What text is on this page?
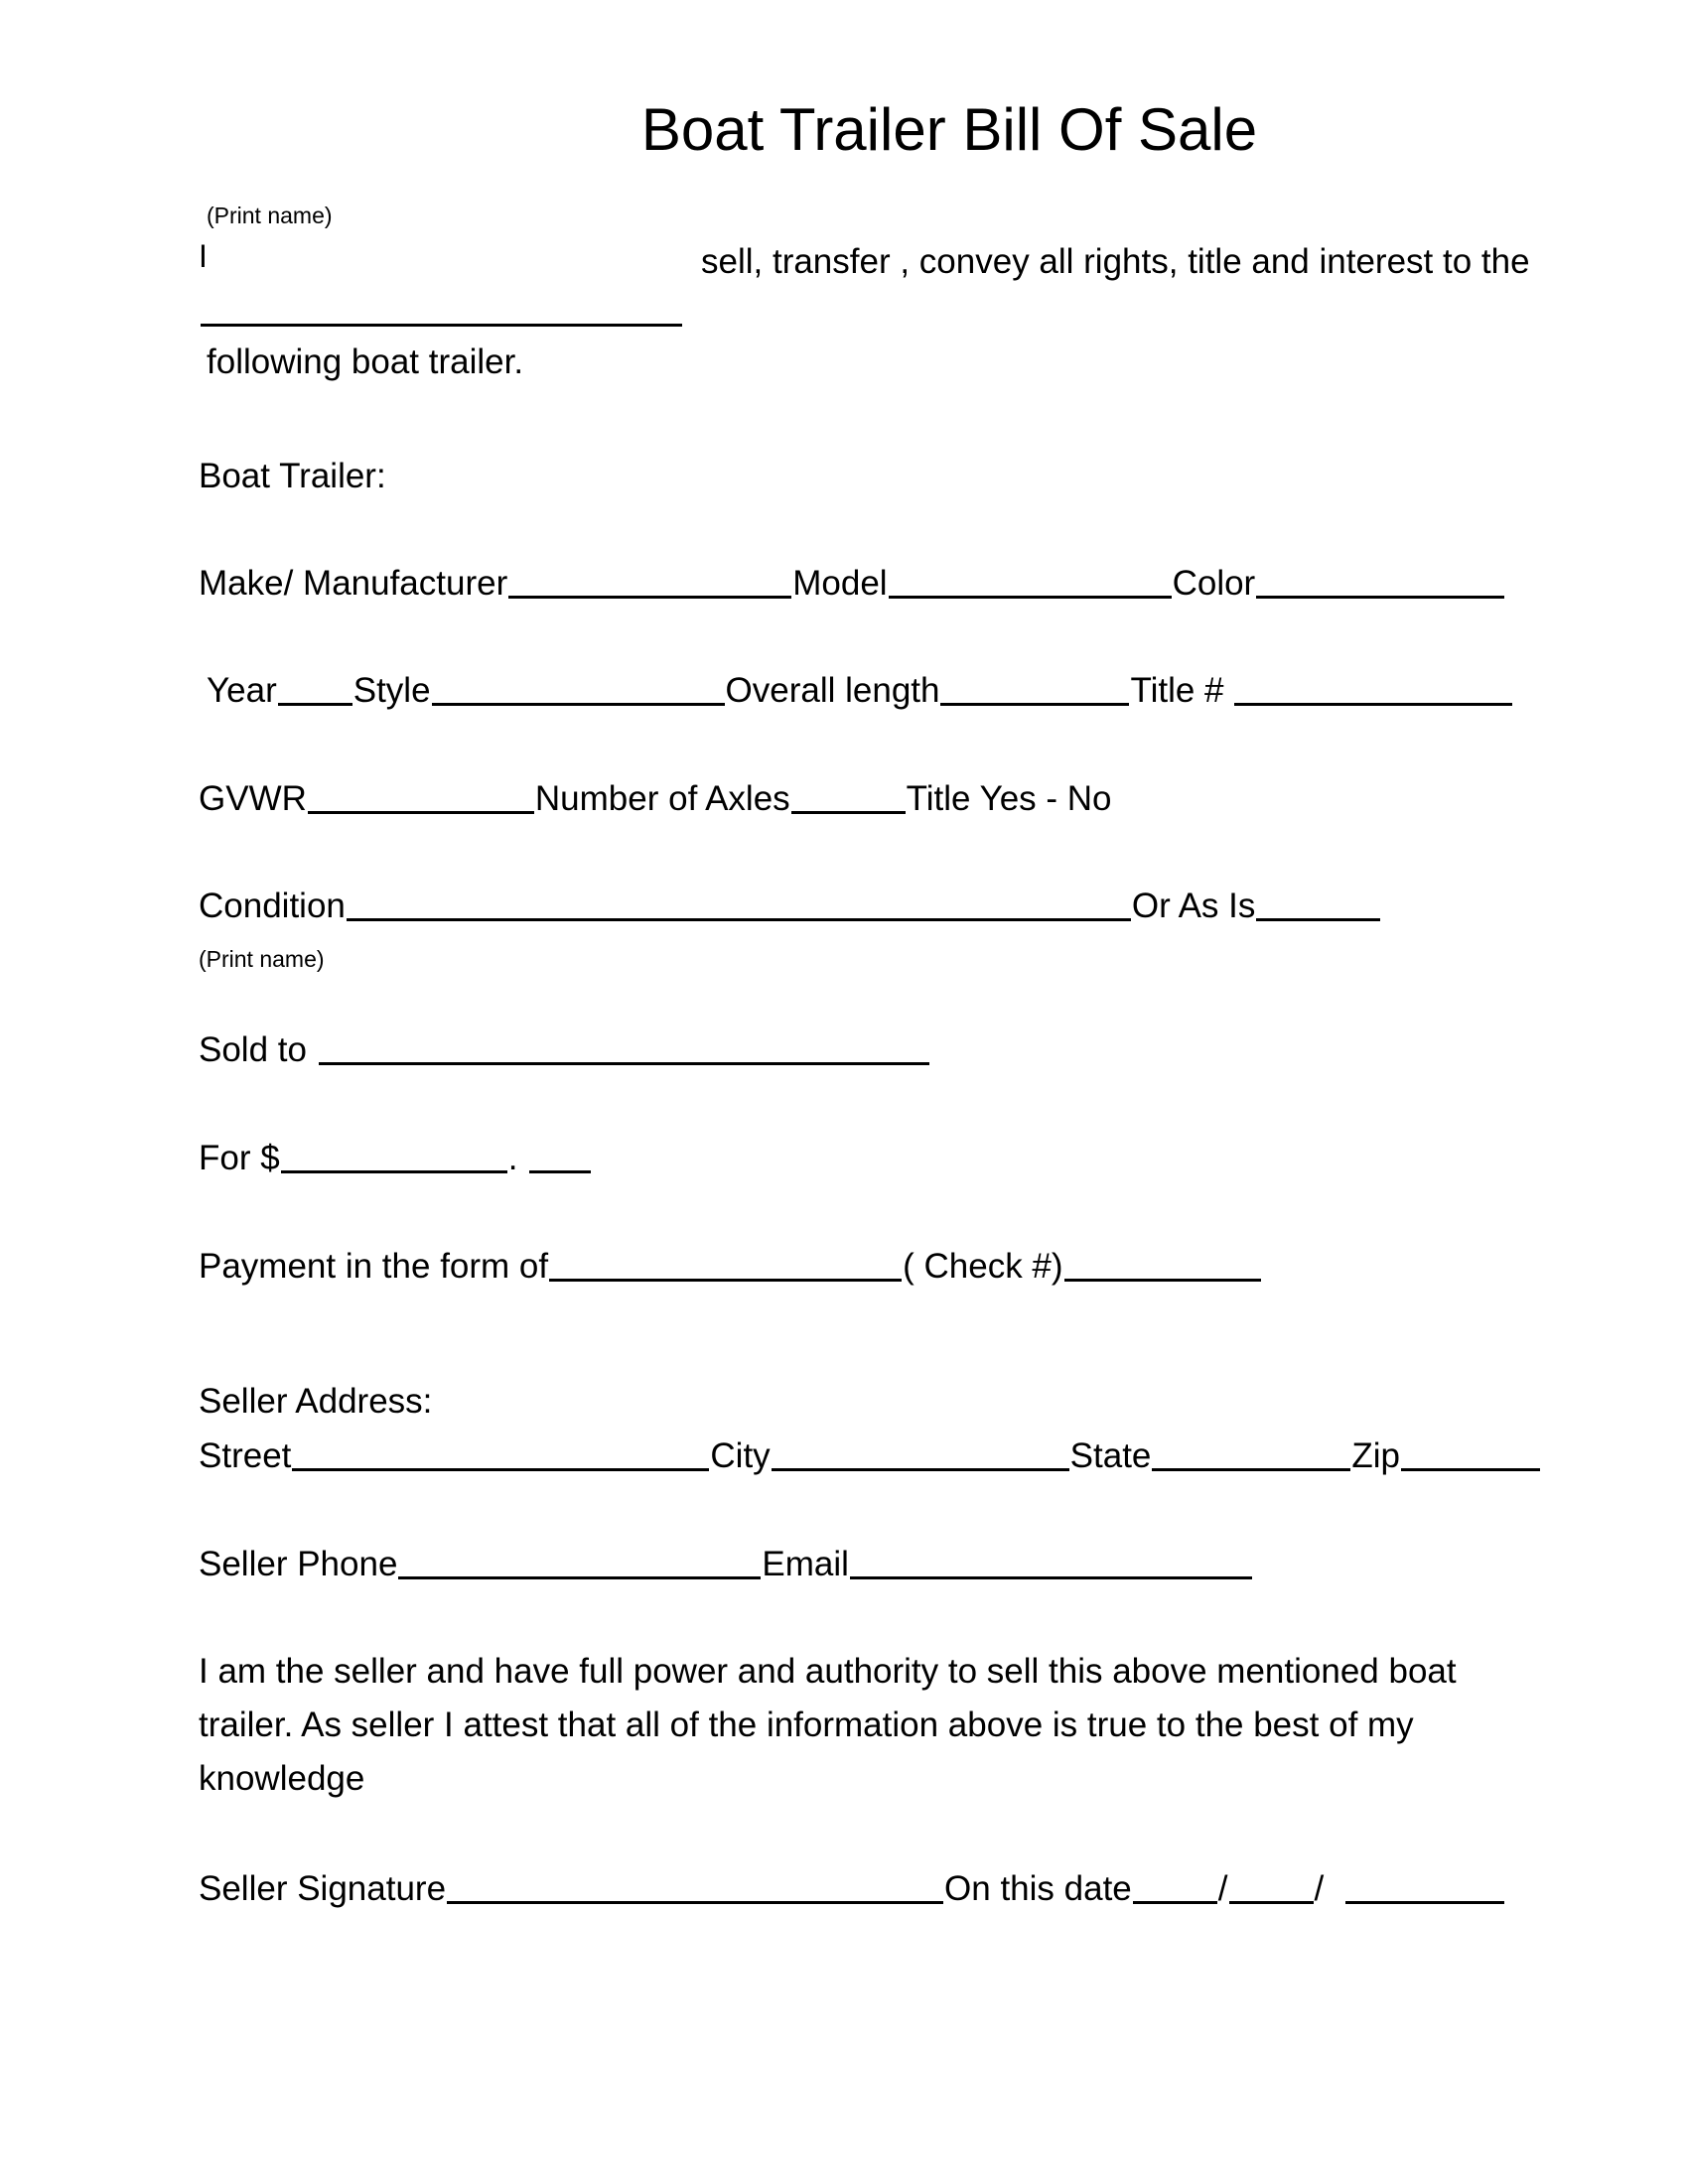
Boat Trailer Bill Of Sale
(Print name)
I	sell, transfer , convey all rights, title and interest to the
following boat trailer.
Boat Trailer:
Make/ Manufacturer	Model	Color
Year Style	Overall length	Title #
GVWR	Number of Axles	Title Yes - No
Condition	Or As Is
(Print name)
Sold to
For $	.
Payment in the form of	( Check #)
Seller Address:
Street	City	State	Zip
Seller Phone	Email
I am the seller and have full power and authority to sell this above mentioned boat trailer. As seller I attest that all of the information above is true to the best of my knowledge
Seller Signature	On this date / /
